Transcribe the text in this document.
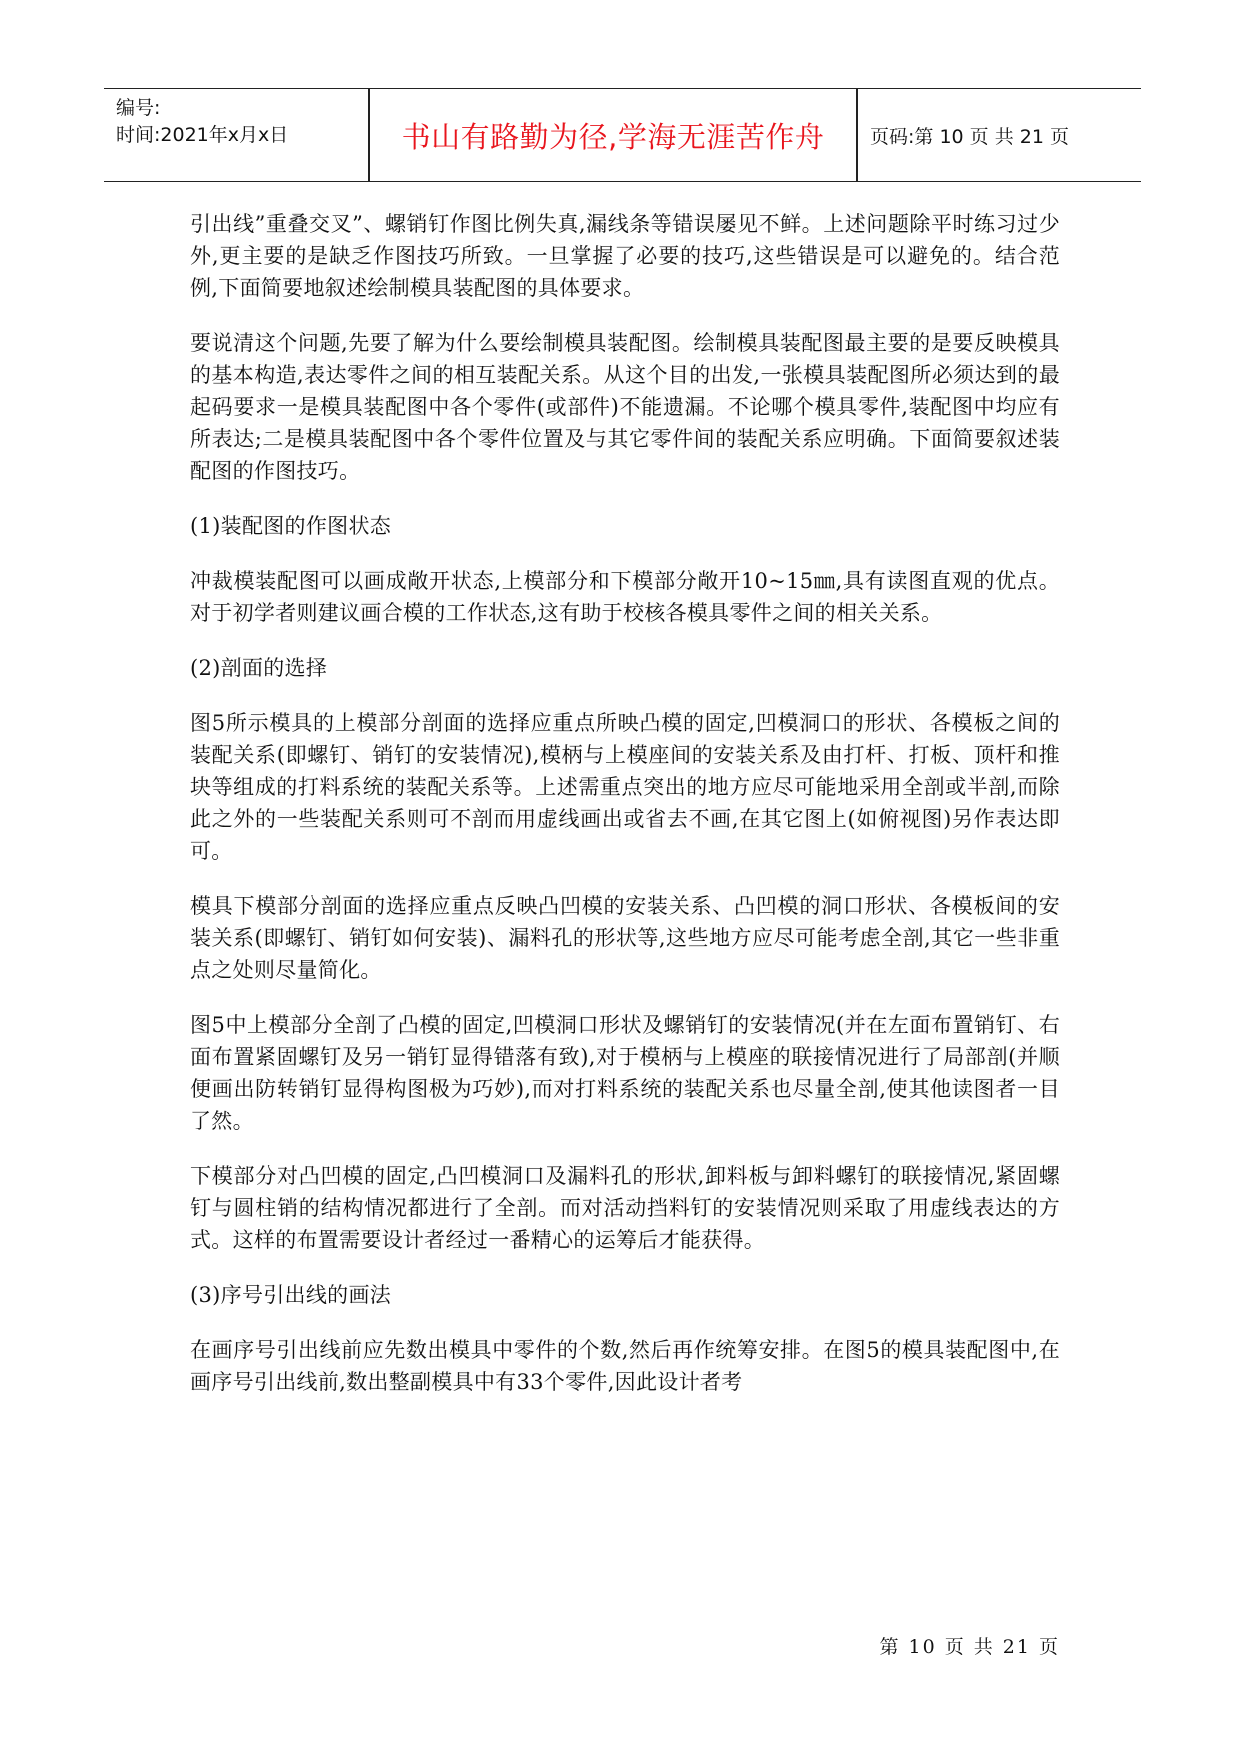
编号:
时间:2021年x月x日	书山有路勤为径,学海无涯苦作舟	页码:第 10 页 共 21 页

引出线”重叠交叉”、螺销钉作图比例失真,漏线条等错误屡见不鲜。上述问题除平时练习过少外,更主要的是缺乏作图技巧所致。一旦掌握了必要的技巧,这些错误是可以避免的。结合范例,下面简要地叙述绘制模具装配图的具体要求。

要说清这个问题,先要了解为什么要绘制模具装配图。绘制模具装配图最主要的是要反映模具的基本构造,表达零件之间的相互装配关系。从这个目的出发,一张模具装配图所必须达到的最起码要求一是模具装配图中各个零件(或部件)不能遗漏。不论哪个模具零件,装配图中均应有所表达;二是模具装配图中各个零件位置及与其它零件间的装配关系应明确。下面简要叙述装配图的作图技巧。

(1)装配图的作图状态

冲裁模装配图可以画成敞开状态,上模部分和下模部分敞开10~15㎜,具有读图直观的优点。对于初学者则建议画合模的工作状态,这有助于校核各模具零件之间的相关关系。

(2)剖面的选择

图5所示模具的上模部分剖面的选择应重点所映凸模的固定,凹模洞口的形状、各模板之间的装配关系(即螺钉、销钉的安装情况),模柄与上模座间的安装关系及由打杆、打板、顶杆和推块等组成的打料系统的装配关系等。上述需重点突出的地方应尽可能地采用全剖或半剖,而除此之外的一些装配关系则可不剖而用虚线画出或省去不画,在其它图上(如俯视图)另作表达即可。

模具下模部分剖面的选择应重点反映凸凹模的安装关系、凸凹模的洞口形状、各模板间的安装关系(即螺钉、销钉如何安装)、漏料孔的形状等,这些地方应尽可能考虑全剖,其它一些非重点之处则尽量简化。

图5中上模部分全剖了凸模的固定,凹模洞口形状及螺销钉的安装情况(并在左面布置销钉、右面布置紧固螺钉及另一销钉显得错落有致),对于模柄与上模座的联接情况进行了局部剖(并顺便画出防转销钉显得构图极为巧妙),而对打料系统的装配关系也尽量全剖,使其他读图者一目了然。

下模部分对凸凹模的固定,凸凹模洞口及漏料孔的形状,卸料板与卸料螺钉的联接情况,紧固螺钉与圆柱销的结构情况都进行了全剖。而对活动挡料钉的安装情况则采取了用虚线表达的方式。这样的布置需要设计者经过一番精心的运筹后才能获得。

(3)序号引出线的画法

在画序号引出线前应先数出模具中零件的个数,然后再作统筹安排。在图5的模具装配图中,在画序号引出线前,数出整副模具中有33个零件,因此设计者考

第 10 页 共 21 页
